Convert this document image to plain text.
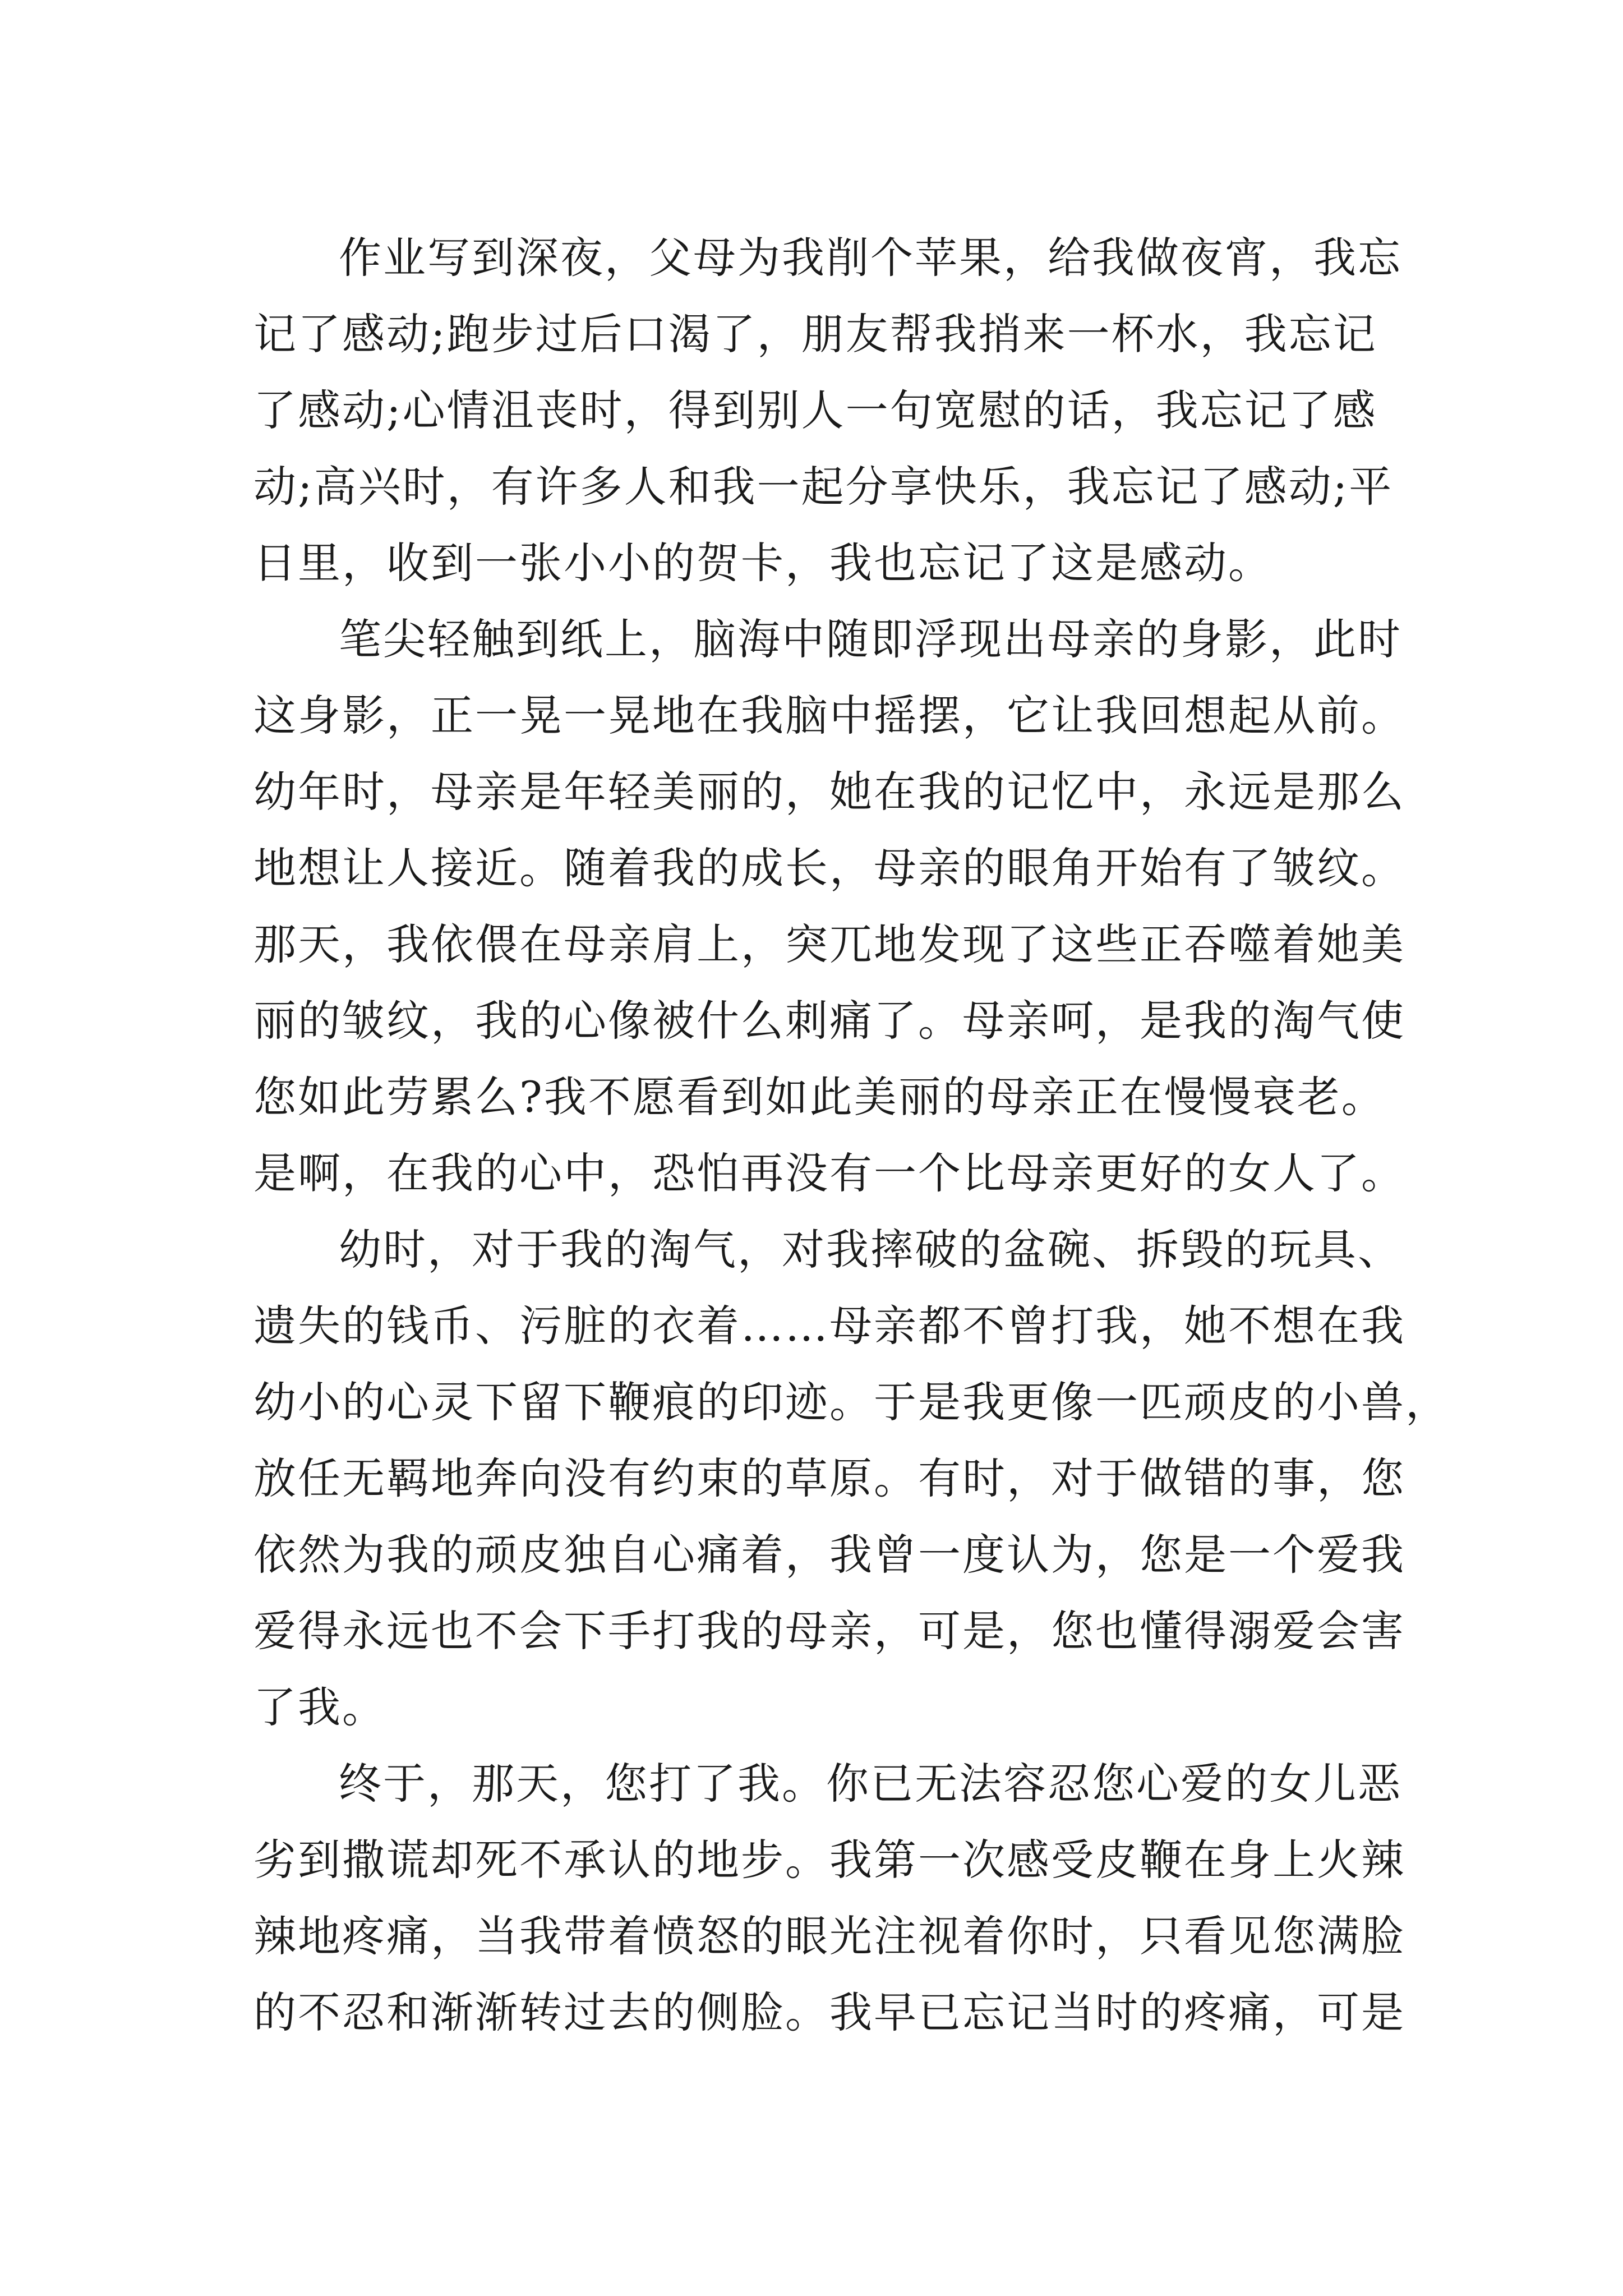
作业写到深夜，父母为我削个苹果，给我做夜宵，我忘
记了感动;跑步过后口渴了，朋友帮我捎来一杯水，我忘记
了感动;心情沮丧时，得到别人一句宽慰的话，我忘记了感
动;高兴时，有许多人和我一起分享快乐，我忘记了感动;平
日里，收到一张小小的贺卡，我也忘记了这是感动。
笔尖轻触到纸上，脑海中随即浮现出母亲的身影，此时
这身影，正一晃一晃地在我脑中摇摆，它让我回想起从前。
幼年时，母亲是年轻美丽的，她在我的记忆中，永远是那么
地想让人接近。随着我的成长，母亲的眼角开始有了皱纹。
那天，我依偎在母亲肩上，突兀地发现了这些正吞噬着她美
丽的皱纹，我的心像被什么刺痛了。母亲呵，是我的淘气使
您如此劳累么?我不愿看到如此美丽的母亲正在慢慢衰老。
是啊，在我的心中，恐怕再没有一个比母亲更好的女人了。
幼时，对于我的淘气，对我摔破的盆碗、拆毁的玩具、
遗失的钱币、污脏的衣着……母亲都不曾打我，她不想在我
幼小的心灵下留下鞭痕的印迹。于是我更像一匹顽皮的小兽，
放任无羁地奔向没有约束的草原。有时，对于做错的事，您
依然为我的顽皮独自心痛着，我曾一度认为，您是一个爱我
爱得永远也不会下手打我的母亲，可是，您也懂得溺爱会害
了我。
终于，那天，您打了我。你已无法容忍您心爱的女儿恶
劣到撒谎却死不承认的地步。我第一次感受皮鞭在身上火辣
辣地疼痛，当我带着愤怒的眼光注视着你时，只看见您满脸
的不忍和渐渐转过去的侧脸。我早已忘记当时的疼痛，可是
